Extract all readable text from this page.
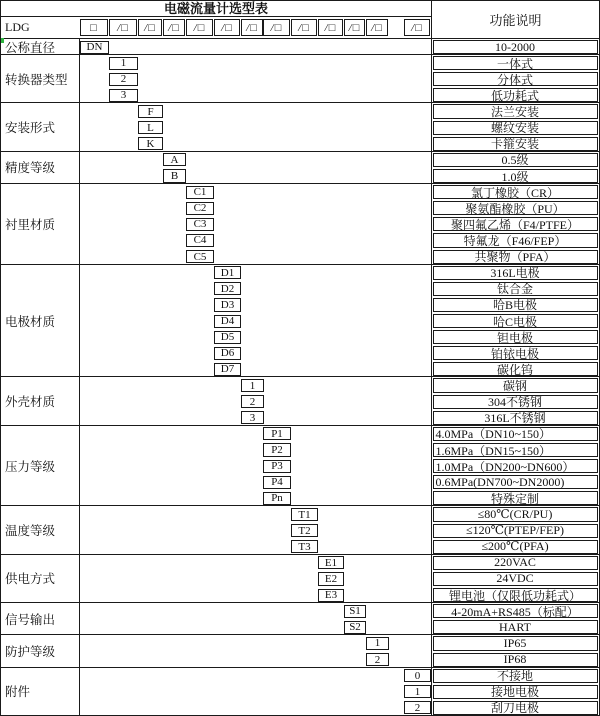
电磁流量计选型表
功能说明
LDG	□	/□	/□	/□	/□	/□	/□	/□	/□	/□	/□ /□	/□
公称直径	DN	10-2000
转换器类型
1	一体式
2	分体式
3	低功耗式
安装形式
F	法兰安装
L	螺纹安装
K	卡箍安装
精度等级
A	0.5级
B	1.0级
衬里材质
C1	氯丁橡胶（CR）
C2	聚氨酯橡胶（PU）
C3	聚四氟乙烯（F4/PTFE）
C4	特氟龙（F46/FEP）
C5	共聚物（PFA）
电极材质
D1	316L电极
D2	钛合金
D3	哈B电极
D4	哈C电极
D5	钽电极
D6	铂铱电极
D7	碳化钨
外壳材质
1	碳钢
2	304不锈钢
3	316L不锈钢
压力等级
P1	4.0MPa（DN10~150）
P2	1.6MPa（DN15~150）
P3	1.0MPa（DN200~DN600）
P4	0.6MPa(DN700~DN2000)
Pn	特殊定制
温度等级
T1	≤80℃(CR/PU)
T2	≤120℃(PTEP/FEP)
T3	≤200℃(PFA)
供电方式
E1	220VAC
E2	24VDC
E3	锂电池（仅限低功耗式）
信号输出
S1	4-20mA+RS485（标配）
S2	HART
防护等级
1	IP65
2	IP68
附件
0	不接地
1	接地电极
2	刮刀电极
